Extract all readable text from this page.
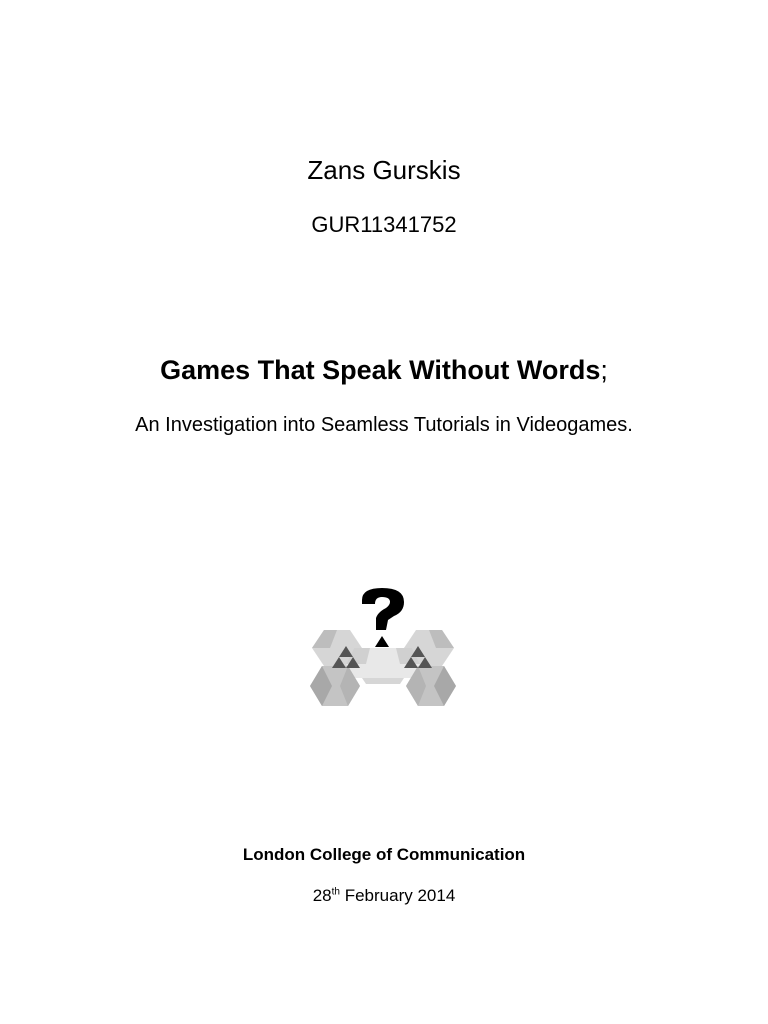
Zans Gurskis
GUR11341752
Games That Speak Without Words;
An Investigation into Seamless Tutorials in Videogames.
London College of Communication
28th February 2014
